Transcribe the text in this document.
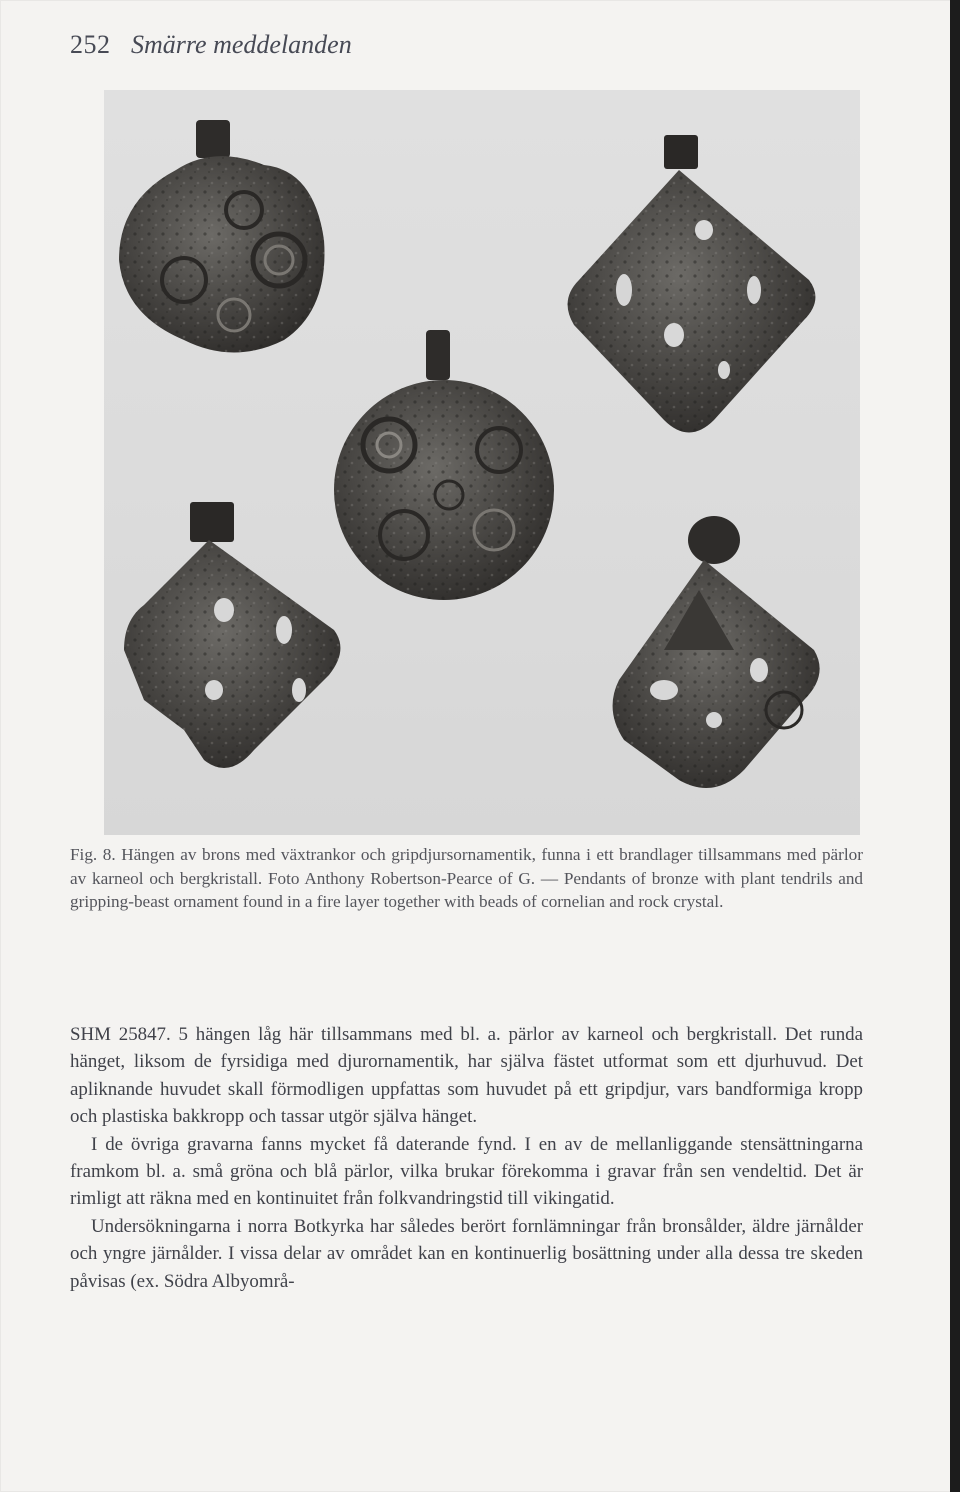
252 Smärre meddelanden

Fig. 8. Hängen av brons med växtrankor och gripdjursornamentik, funna i ett brandlager tillsammans med pärlor av karneol och bergkristall. Foto Anthony Robertson-Pearce of G. — Pendants of bronze with plant tendrils and gripping-beast ornament found in a fire layer together with beads of cornelian and rock crystal.

SHM 25847. 5 hängen låg här tillsammans med bl. a. pärlor av karneol och bergkristall. Det runda hänget, liksom de fyrsidiga med djurornamentik, har själva fästet utformat som ett djurhuvud. Det apliknande huvudet skall förmodligen uppfattas som huvudet på ett gripdjur, vars bandformiga kropp och plastiska bakkropp och tassar utgör själva hänget.

I de övriga gravarna fanns mycket få daterande fynd. I en av de mellanliggande stensättningarna framkom bl. a. små gröna och blå pärlor, vilka brukar förekomma i gravar från sen vendeltid. Det är rimligt att räkna med en kontinuitet från folkvandringstid till vikingatid.

Undersökningarna i norra Botkyrka har således berört fornlämningar från bronsålder, äldre järnålder och yngre järnålder. I vissa delar av området kan en kontinuerlig bosättning under alla dessa tre skeden påvisas (ex. Södra Albyområ-
